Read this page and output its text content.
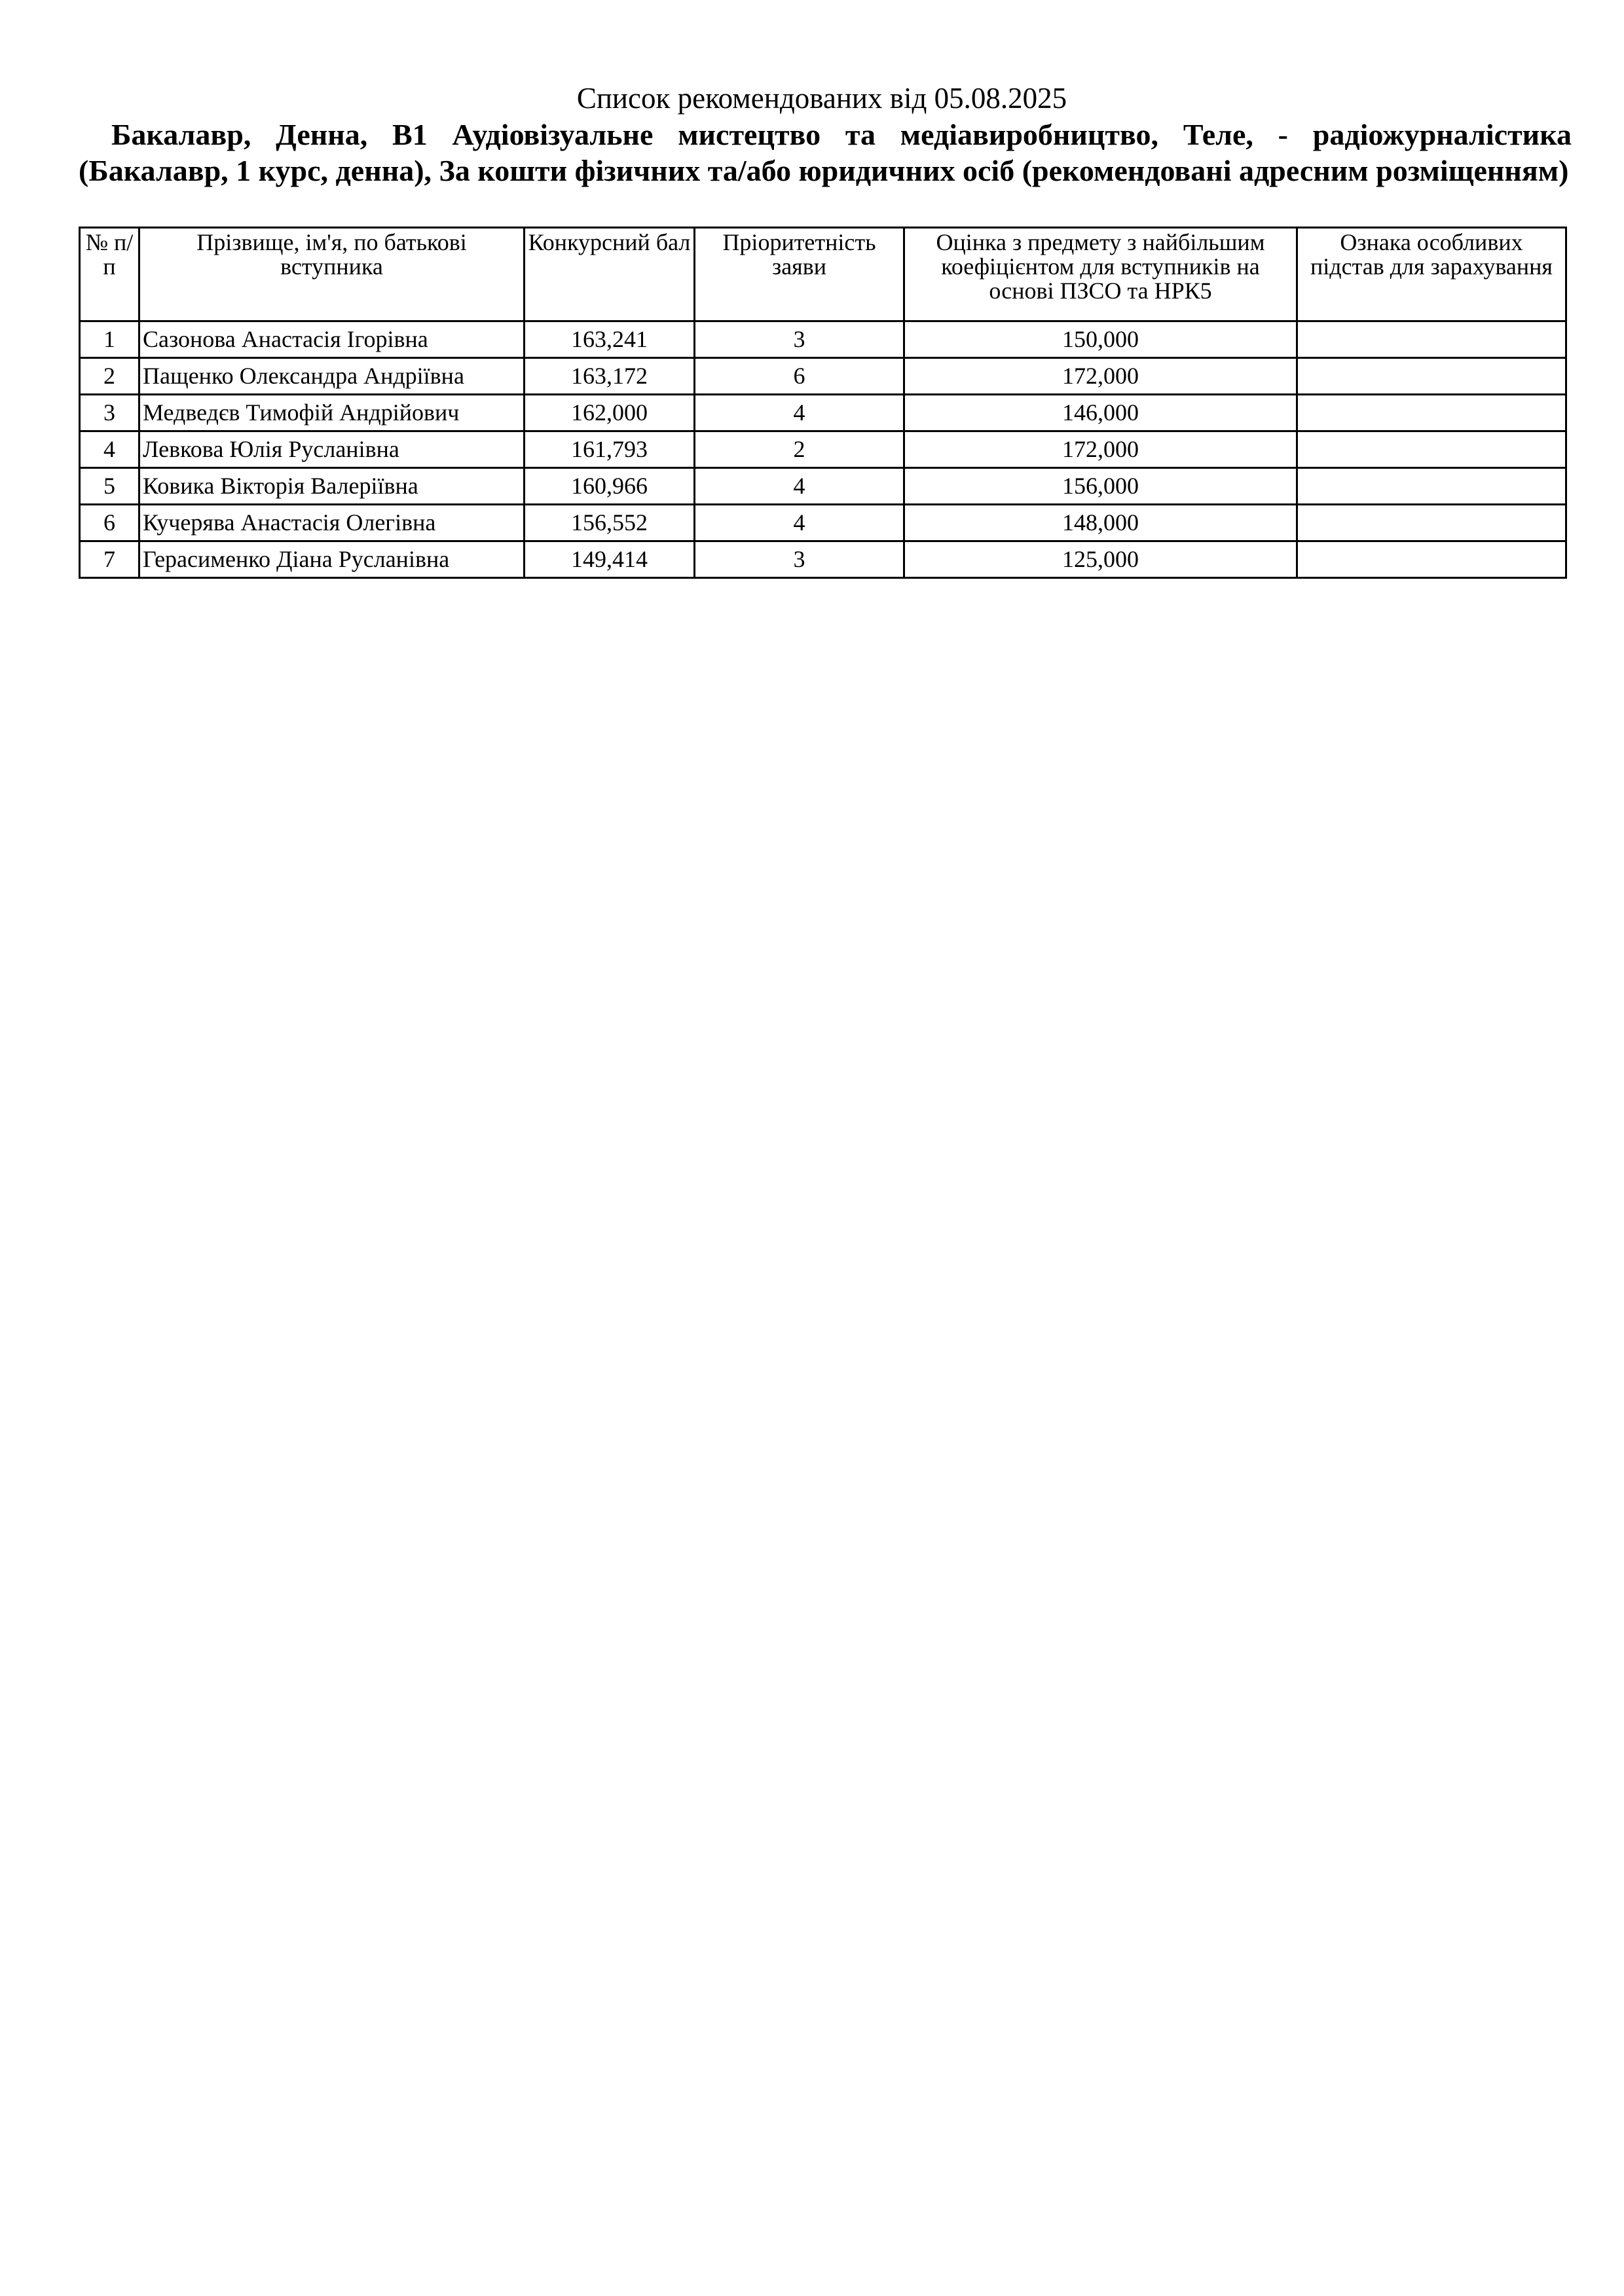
Список рекомендованих від 05.08.2025
Бакалавр, Денна, B1 Аудіовізуальне мистецтво та медіавиробництво, Теле, - радіожурналістика (Бакалавр, 1 курс, денна), За кошти фізичних та/або юридичних осіб (рекомендовані адресним розміщенням)
№ п/п	Прізвище, ім'я, по батькові вступника	Конкурсний бал	Пріоритетність заяви	Оцінка з предмету з найбільшим коефіцієнтом для вступників на основі ПЗСО та НРК5	Ознака особливих підстав для зарахування

1	Сазонова Анастасія Ігорівна	163,241	3	150,000	
2	Пащенко Олександра Андріївна	163,172	6	172,000	
3	Медведєв Тимофій Андрійович	162,000	4	146,000	
4	Левкова Юлія Русланівна	161,793	2	172,000	
5	Ковика Вікторія Валеріївна	160,966	4	156,000	
6	Кучерява Анастасія Олегівна	156,552	4	148,000	
7	Герасименко Діана Русланівна	149,414	3	125,000	
